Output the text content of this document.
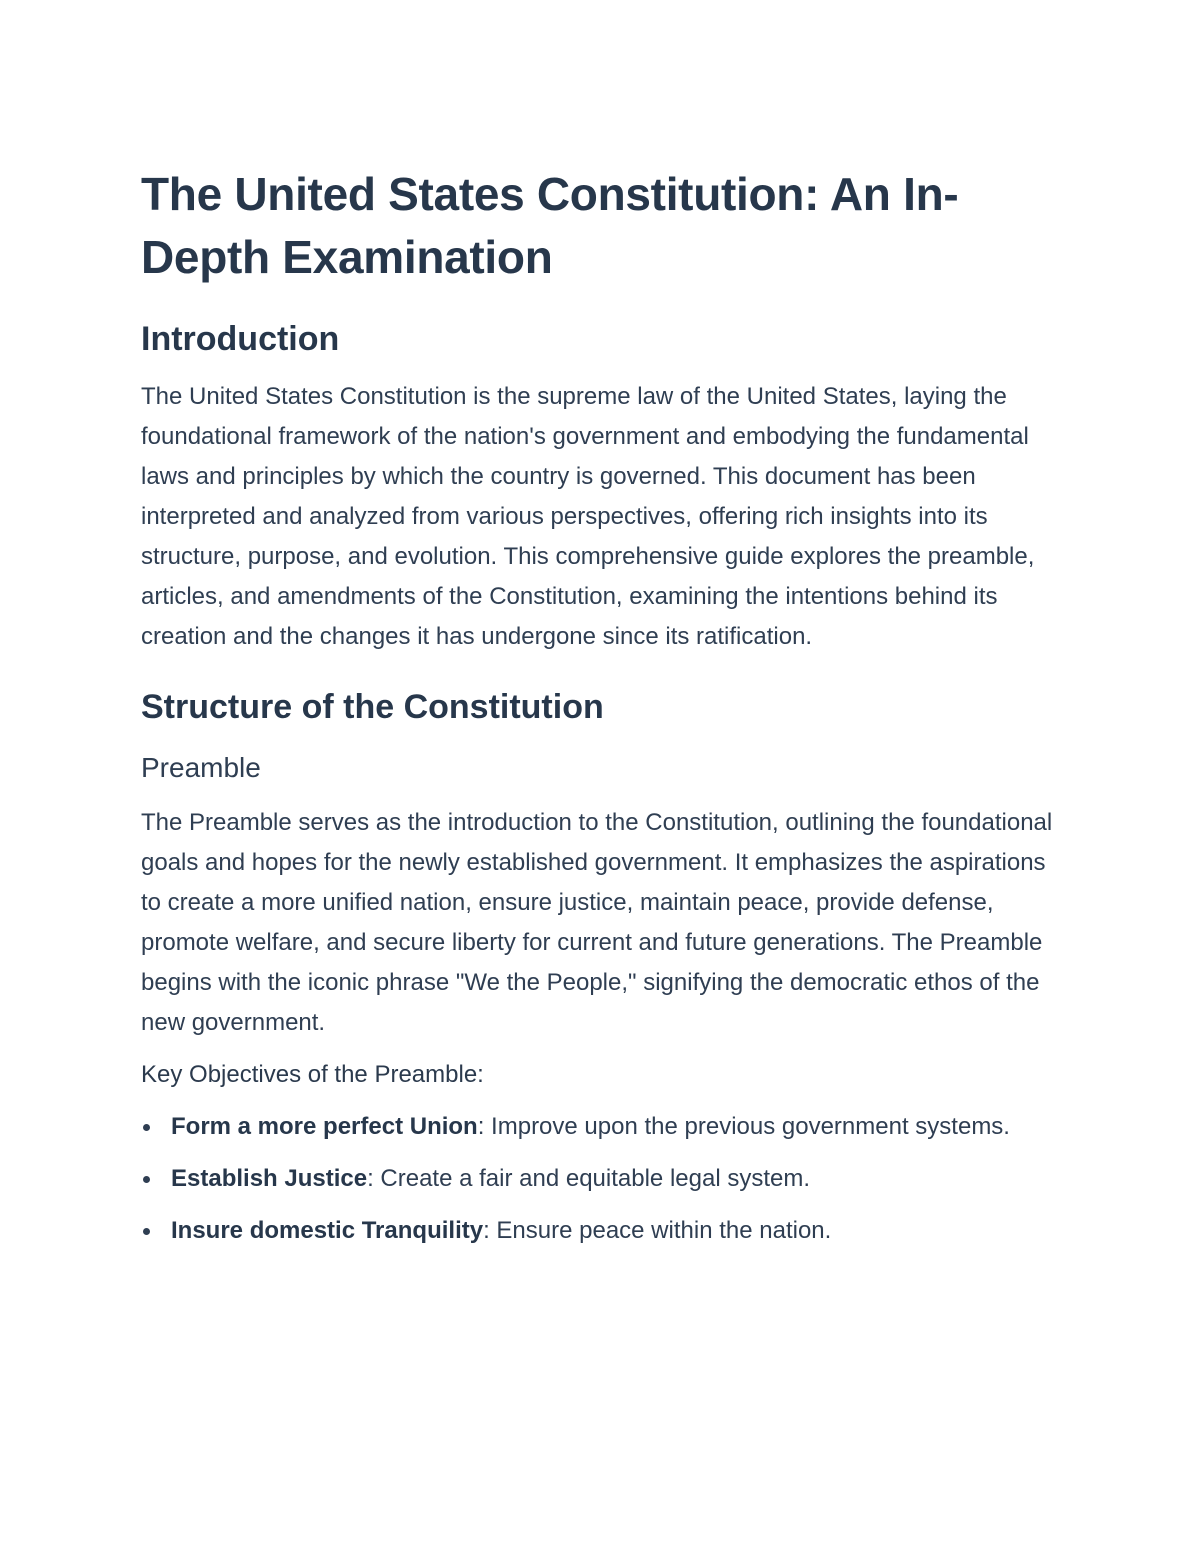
The United States Constitution: An In-Depth Examination
Introduction

The United States Constitution is the supreme law of the United States, laying the foundational framework of the nation's government and embodying the fundamental laws and principles by which the country is governed. This document has been interpreted and analyzed from various perspectives, offering rich insights into its structure, purpose, and evolution. This comprehensive guide explores the preamble, articles, and amendments of the Constitution, examining the intentions behind its creation and the changes it has undergone since its ratification.

Structure of the Constitution
Preamble

The Preamble serves as the introduction to the Constitution, outlining the foundational goals and hopes for the newly established government. It emphasizes the aspirations to create a more unified nation, ensure justice, maintain peace, provide defense, promote welfare, and secure liberty for current and future generations. The Preamble begins with the iconic phrase "We the People," signifying the democratic ethos of the new government.

Key Objectives of the Preamble:
Form a more perfect Union: Improve upon the previous government systems.
Establish Justice: Create a fair and equitable legal system.
Insure domestic Tranquility: Ensure peace within the nation.
